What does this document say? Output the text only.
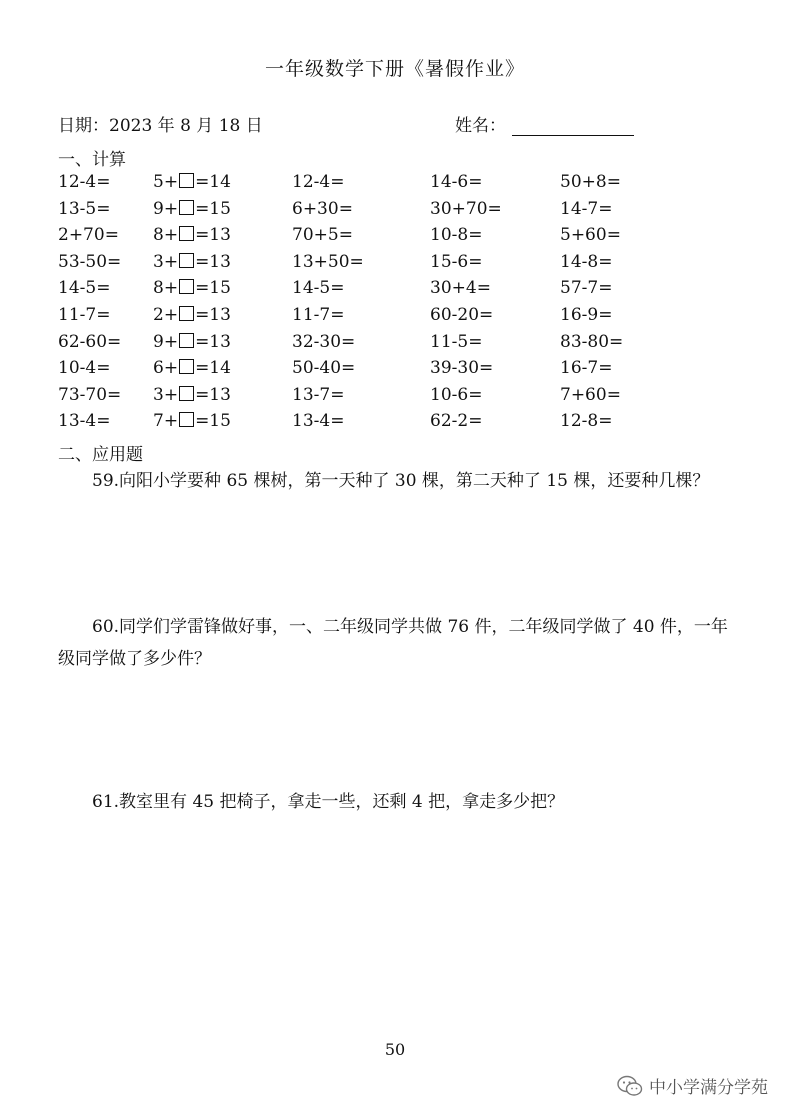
一年级数学下册《暑假作业》
日期：2023 年 8 月 18 日	姓名：
一、计算
12-4=	5+ =14	12-4=	14-6=	50+8=
13-5=	9+ =15	6+30=	30+70=	14-7=
2+70= 8+ =13	70+5=	10-8=	5+60=
53-50= 3+ =13	13+50=	15-6=	14-8=
14-5=	8+ =15	14-5=	30+4=	57-7=
11-7=	2+ =13	11-7=	60-20=	16-9=
62-60= 9+ =13	32-30=	11-5=	83-80=
10-4=	6+ =14	50-40=	39-30=	16-7=
73-70= 3+ =13	13-7=	10-6=	7+60=
13-4=	7+ =15	13-4=	62-2=	12-8=
二、应用题
59.向阳小学要种 65 棵树，第一天种了 30 棵，第二天种了 15 棵，还要种几棵？
60.同学们学雷锋做好事，一、二年级同学共做 76 件，二年级同学做了 40 件，一年级同学做了多少件？
61.教室里有 45 把椅子，拿走一些，还剩 4 把，拿走多少把？
50
中小学满分学苑
